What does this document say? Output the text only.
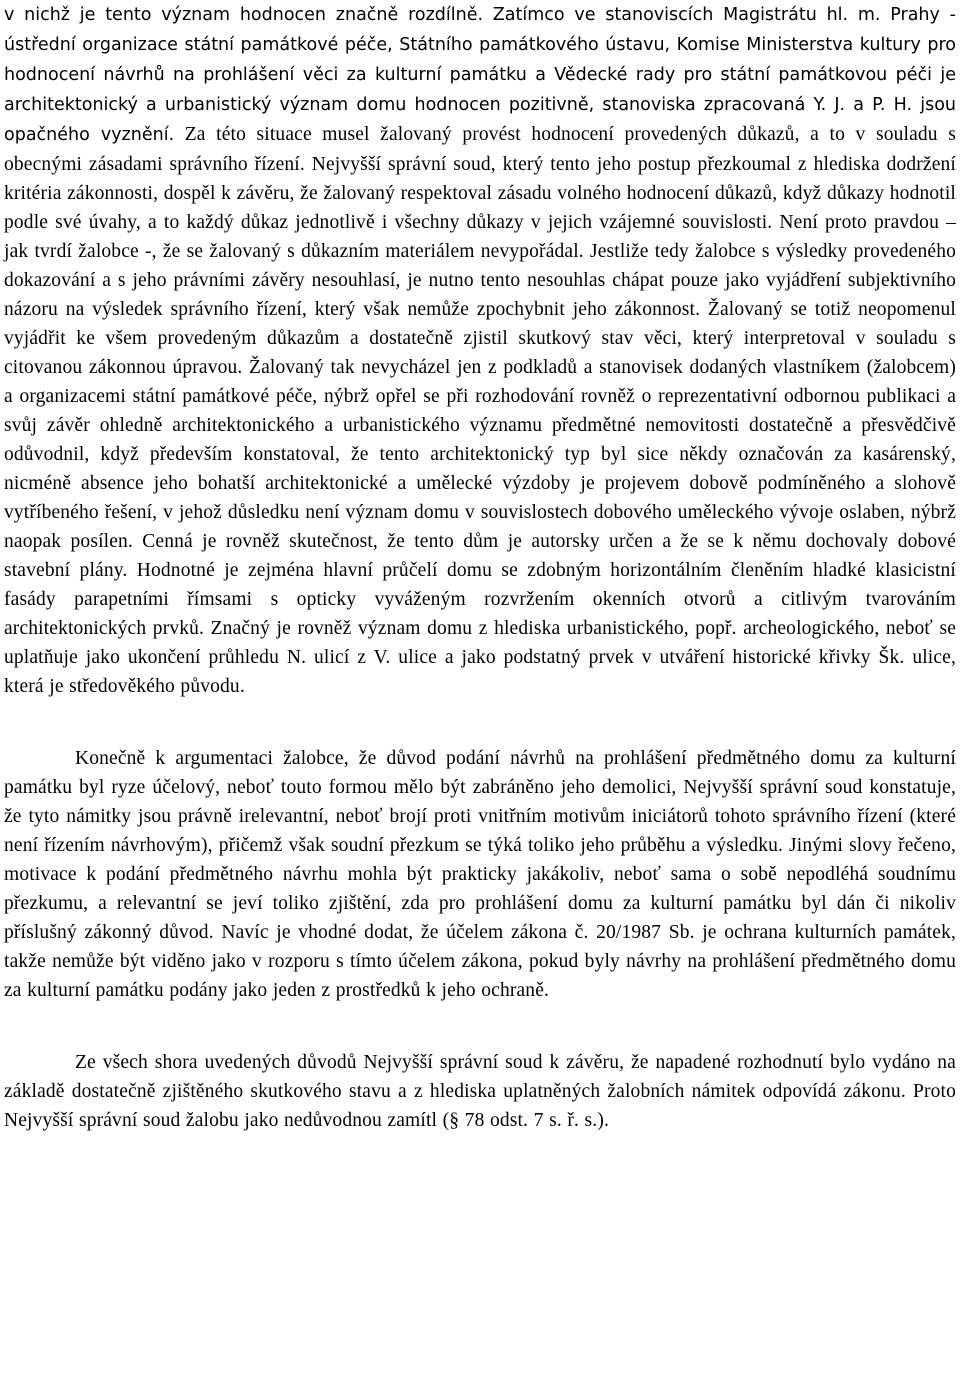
v nichž je tento význam hodnocen značně rozdílně. Zatímco ve stanoviscích Magistrátu hl. m. Prahy - ústřední organizace státní památkové péče, Státního památkového ústavu, Komise Ministerstva kultury pro hodnocení návrhů na prohlášení věci za kulturní památku a Vědecké rady pro státní památkovou péči je architektonický a urbanistický význam domu hodnocen pozitivně, stanoviska zpracovaná Y. J. a P. H. jsou opačného vyznění. Za této situace musel žalovaný provést hodnocení provedených důkazů, a to v souladu s obecnými zásadami správního řízení. Nejvyšší správní soud, který tento jeho postup přezkoumal z hlediska dodržení kritéria zákonnosti, dospěl k závěru, že žalovaný respektoval zásadu volného hodnocení důkazů, když důkazy hodnotil podle své úvahy, a to každý důkaz jednotlivě i všechny důkazy v jejich vzájemné souvislosti. Není proto pravdou – jak tvrdí žalobce -, že se žalovaný s důkazním materiálem nevypořádal. Jestliže tedy žalobce s výsledky provedeného dokazování a s jeho právními závěry nesouhlasí, je nutno tento nesouhlas chápat pouze jako vyjádření subjektivního názoru na výsledek správního řízení, který však nemůže zpochybnit jeho zákonnost. Žalovaný se totiž neopomenul vyjádřit ke všem provedeným důkazům a dostatečně zjistil skutkový stav věci, který interpretoval v souladu s citovanou zákonnou úpravou. Žalovaný tak nevycházel jen z podkladů a stanovisek dodaných vlastníkem (žalobcem) a organizacemi státní památkové péče, nýbrž opřel se při rozhodování rovněž o reprezentativní odbornou publikaci a svůj závěr ohledně architektonického a urbanistického významu předmětné nemovitosti dostatečně a přesvědčivě odůvodnil, když především konstatoval, že tento architektonický typ byl sice někdy označován za kasárenský, nicméně absence jeho bohatší architektonické a umělecké výzdoby je projevem dobově podmíněného a slohově vytříbeného řešení, v jehož důsledku není význam domu v souvislostech dobového uměleckého vývoje oslaben, nýbrž naopak posílen. Cenná je rovněž skutečnost, že tento dům je autorsky určen a že se k němu dochovaly dobové stavební plány. Hodnotné je zejména hlavní průčelí domu se zdobným horizontálním členěním hladké klasicistní fasády parapetními římsami s opticky vyváženým rozvržením okenních otvorů a citlivým tvarováním architektonických prvků. Značný je rovněž význam domu z hlediska urbanistického, popř. archeologického, neboť se uplatňuje jako ukončení průhledu N. ulicí z V. ulice a jako podstatný prvek v utváření historické křivky Šk. ulice, která je středověkého původu.

Konečně k argumentaci žalobce, že důvod podání návrhů na prohlášení předmětného domu za kulturní památku byl ryze účelový, neboť touto formou mělo být zabráněno jeho demolici, Nejvyšší správní soud konstatuje, že tyto námitky jsou právně irelevantní, neboť brojí proti vnitřním motivům iniciátorů tohoto správního řízení (které není řízením návrhovým), přičemž však soudní přezkum se týká toliko jeho průběhu a výsledku. Jinými slovy řečeno, motivace k podání předmětného návrhu mohla být prakticky jakákoliv, neboť sama o sobě nepodléhá soudnímu přezkumu, a relevantní se jeví toliko zjištění, zda pro prohlášení domu za kulturní památku byl dán či nikoliv příslušný zákonný důvod. Navíc je vhodné dodat, že účelem zákona č. 20/1987 Sb. je ochrana kulturních památek, takže nemůže být viděno jako v rozporu s tímto účelem zákona, pokud byly návrhy na prohlášení předmětného domu za kulturní památku podány jako jeden z prostředků k jeho ochraně.

Ze všech shora uvedených důvodů Nejvyšší správní soud k závěru, že napadené rozhodnutí bylo vydáno na základě dostatečně zjištěného skutkového stavu a z hlediska uplatněných žalobních námitek odpovídá zákonu. Proto Nejvyšší správní soud žalobu jako nedůvodnou zamítl (§ 78 odst. 7 s. ř. s.).
